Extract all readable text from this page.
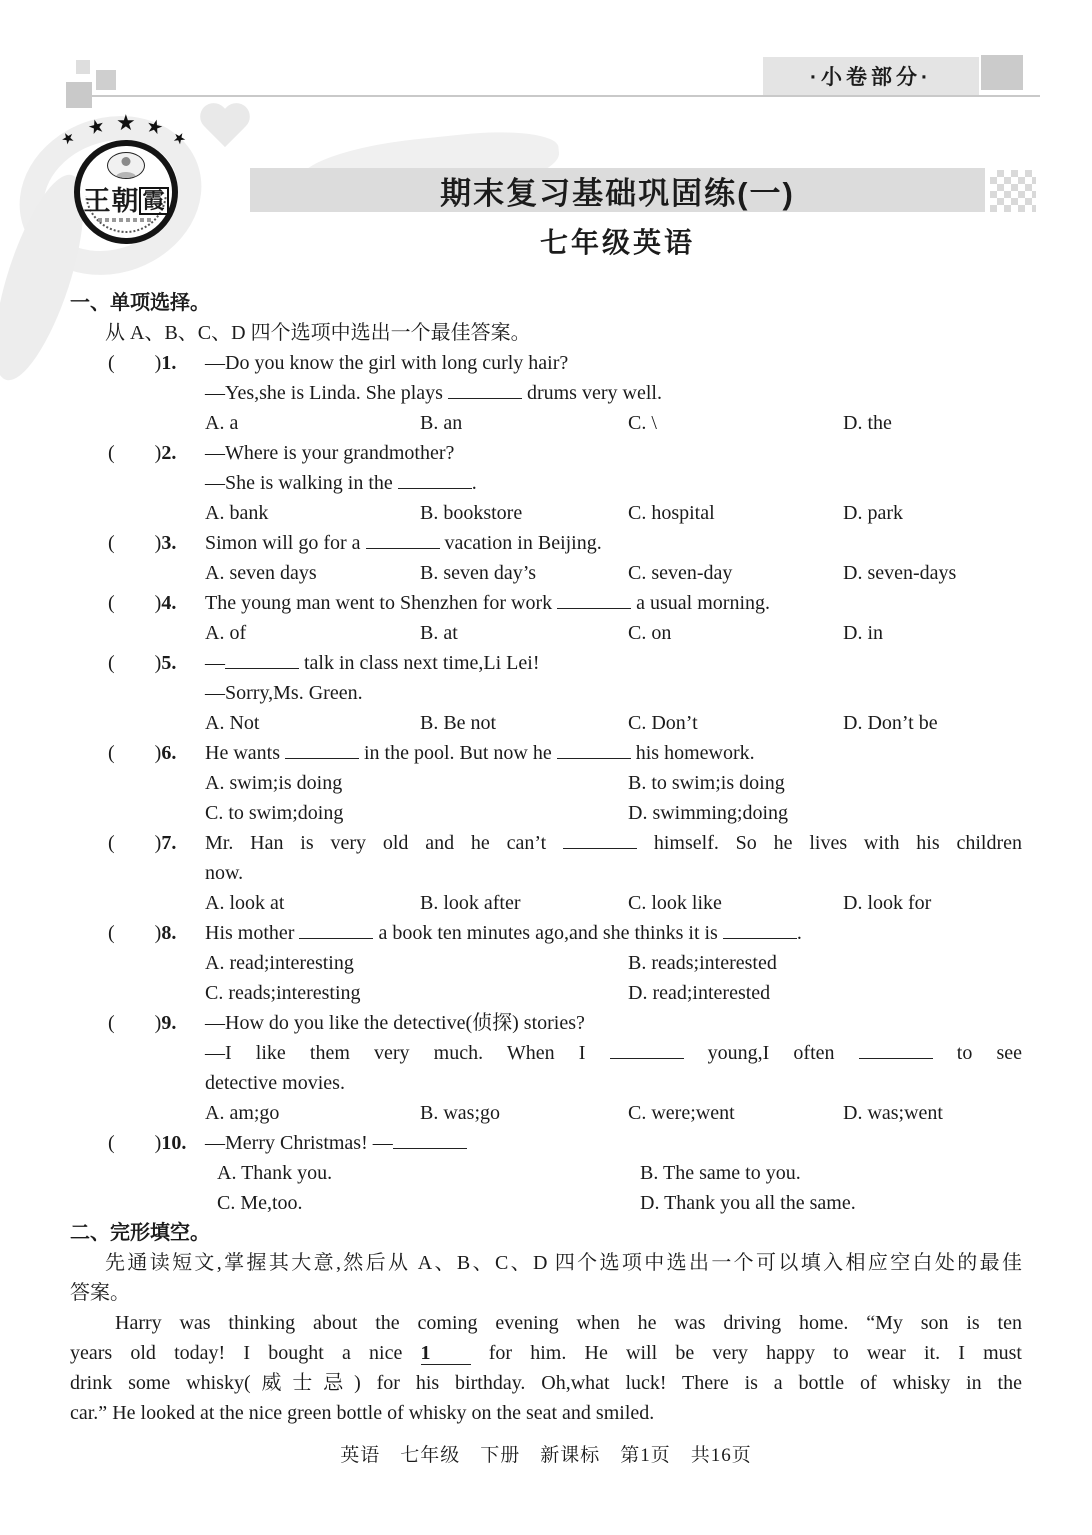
·小卷部分·
★ ★ ★ ★ ★
王朝 霞	期末复习基础巩固练(一)
七年级英语
一、单项选择。
从 A、B、C、D 四个选项中选出一个最佳答案。
(　　)1. —Do you know the girl with long curly hair?
—Yes,she is Linda. She plays	drums very well.
A. a	B. an	C. \	D. the
(　　)2. —Where is your grandmother?
—She is walking in the	.
A. bank	B. bookstore	C. hospital	D. park
(　　)3. Simon will go for a	vacation in Beijing.
A. seven days	B. seven day’s	C. seven-day	D. seven-days
(　　)4. The young man went to Shenzhen for work	a usual morning.
A. of	B. at	C. on	D. in
(　　)5. —	talk in class next time,Li Lei!
—Sorry,Ms. Green.
A. Not	B. Be not	C. Don’t	D. Don’t be
(　　)6. He wants	in the pool. But now he	his homework.
A. swim;is doing	B. to swim;is doing
C. to swim;doing	D. swimming;doing
(　　)7. Mr. Han is very old and he can’t	himself. So he lives with his children
now.
A. look at	B. look after	C. look like	D. look for
(　　)8. His mother	a book ten minutes ago,and she thinks it is	.
A. read;interesting	B. reads;interested
C. reads;interesting	D. read;interested
(　　)9. —How do you like the detective(侦探) stories?
—I like them very much. When I	young,I often	to see
detective movies.
A. am;go	B. was;go	C. were;went	D. was;went
(　　)10. —Merry Christmas! —
A. Thank you.	B. The same to you.
C. Me,too.	D. Thank you all the same.
二、完形填空。
先通读短文,掌握其大意,然后从 A、B、C、D 四个选项中选出一个可以填入相应空白处的最佳
答案。
Harry was thinking about the coming evening when he was driving home. “My son is ten
years old today! I bought a nice 1 for him. He will be very happy to wear it. I must
drink some whisky(威士忌) for his birthday. Oh,what luck! There is a bottle of whisky in the
car.” He looked at the nice green bottle of whisky on the seat and smiled.
英语　七年级　下册　新课标　第1页　共16页
